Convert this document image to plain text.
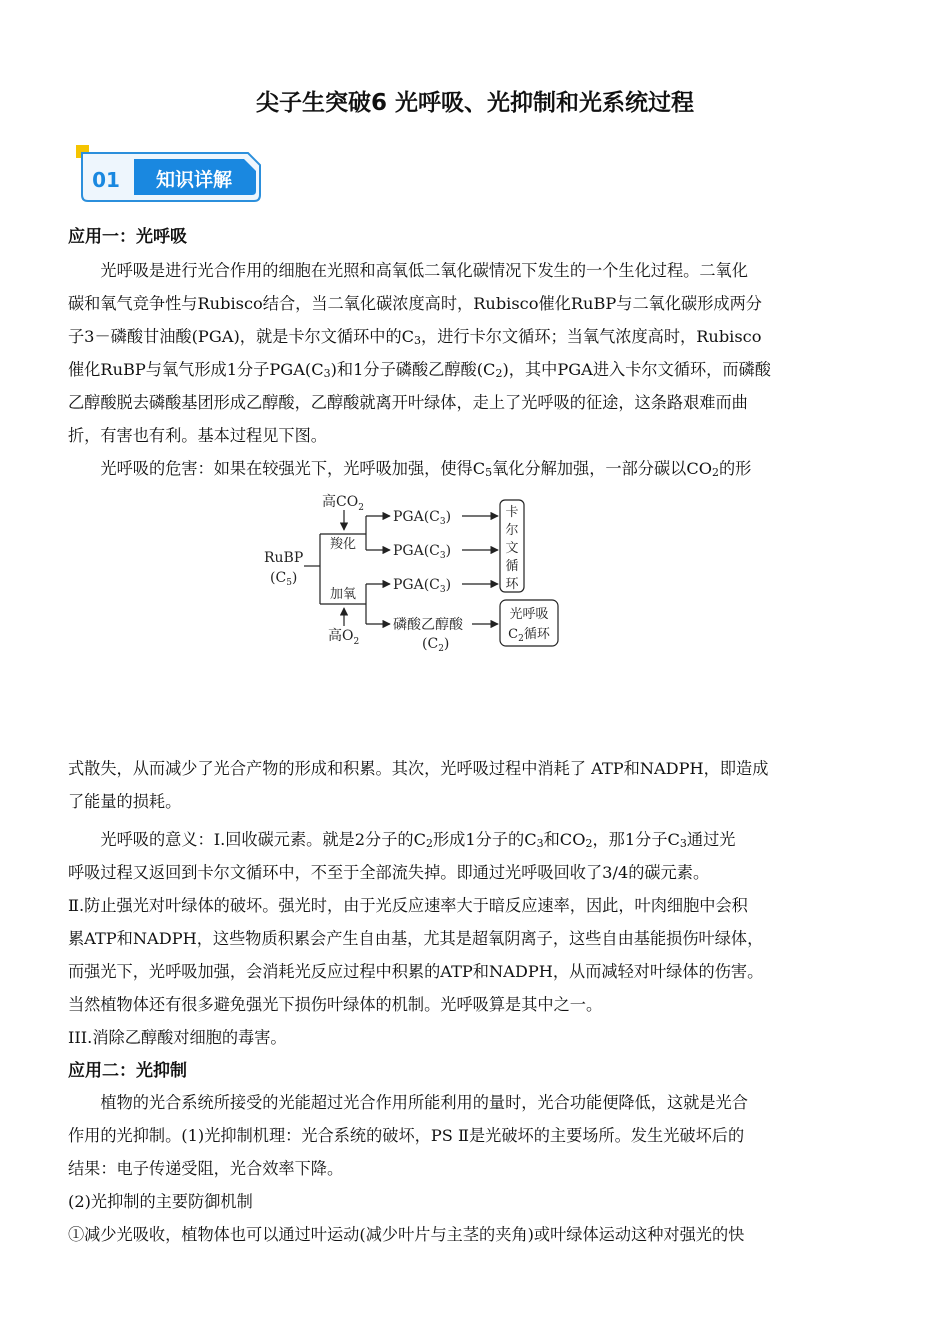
尖子生突破6 光呼吸、光抑制和光系统过程
01 知识详解
应用一：光呼吸

光呼吸是进行光合作用的细胞在光照和高氧低二氧化碳情况下发生的一个生化过程。二氧化

碳和氧气竞争性与Rubisco结合，当二氧化碳浓度高时，Rubisco催化RuBP与二氧化碳形成两分

子3－磷酸甘油酸(PGA)，就是卡尔文循环中的$C_3$，进行卡尔文循环；当氧气浓度高时，Rubisco

催化RuBP与氧气形成1分子$PGA(C_3)$和1分子磷酸乙醇酸$(C_2)$，其中PGA进入卡尔文循环，而磷酸

乙醇酸脱去磷酸基团形成乙醇酸，乙醇酸就离开叶绿体，走上了光呼吸的征途，这条路艰难而曲

折，有害也有利。基本过程见下图。

光呼吸的危害：如果在较强光下，光呼吸加强，使得$C_5$氧化分解加强，一部分碳以$CO_2$的形

高$CO_2$
RuBP
$(C_5)$
羧化
加氧
高$O_2$
$PGA(C_3)$
$PGA(C_3)$
$PGA(C_3)$
磷酸乙醇酸
$(C_2)$
卡
尔
文
循
环
光呼吸
$C_2$循环

式散失，从而减少了光合产物的形成和积累。其次，光呼吸过程中消耗了 ATP和NADPH，即造成

了能量的损耗。

光呼吸的意义：Ⅰ.回收碳元素。就是2分子的$C_2$形成1分子的$C_3$和$CO_2$，那1分子$C_3$通过光

呼吸过程又返回到卡尔文循环中，不至于全部流失掉。即通过光呼吸回收了3/4的碳元素。

Ⅱ.防止强光对叶绿体的破坏。强光时，由于光反应速率大于暗反应速率，因此，叶肉细胞中会积

累ATP和NADPH，这些物质积累会产生自由基，尤其是超氧阴离子，这些自由基能损伤叶绿体，

而强光下，光呼吸加强，会消耗光反应过程中积累的ATP和NADPH，从而减轻对叶绿体的伤害。

当然植物体还有很多避免强光下损伤叶绿体的机制。光呼吸算是其中之一。

III.消除乙醇酸对细胞的毒害。

应用二：光抑制

植物的光合系统所接受的光能超过光合作用所能利用的量时，光合功能便降低，这就是光合

作用的光抑制。(1)光抑制机理：光合系统的破坏，PS Ⅱ是光破坏的主要场所。发生光破坏后的

结果：电子传递受阻，光合效率下降。

(2)光抑制的主要防御机制

①减少光吸收，植物体也可以通过叶运动(减少叶片与主茎的夹角)或叶绿体运动这种对强光的快
